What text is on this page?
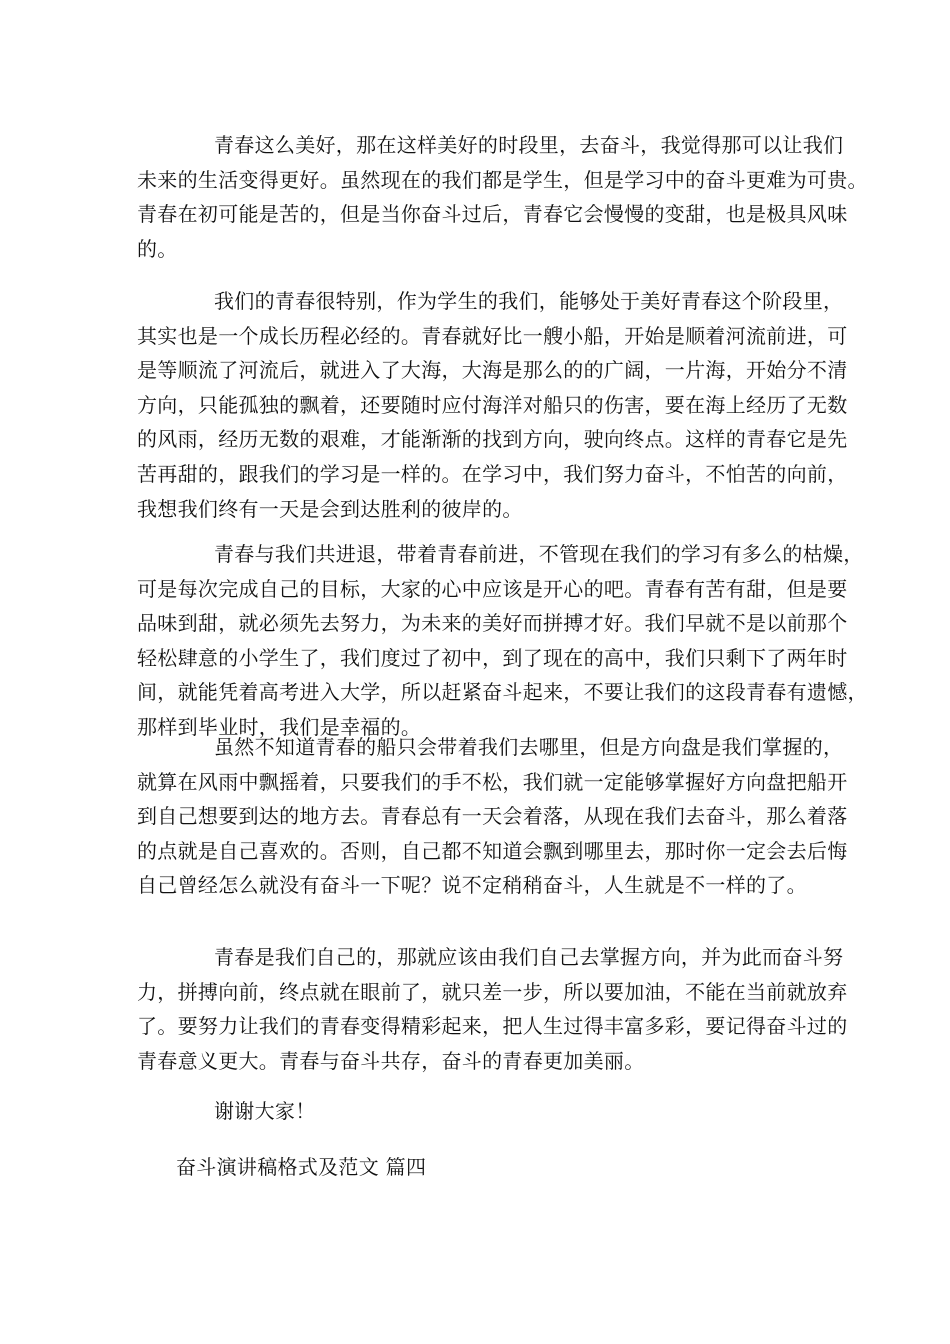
青春这么美好，那在这样美好的时段里，去奋斗，我觉得那可以让我们
未来的生活变得更好。虽然现在的我们都是学生，但是学习中的奋斗更难为可贵。
青春在初可能是苦的，但是当你奋斗过后，青春它会慢慢的变甜，也是极具风味
的。
我们的青春很特别，作为学生的我们，能够处于美好青春这个阶段里，
其实也是一个成长历程必经的。青春就好比一艘小船，开始是顺着河流前进，可
是等顺流了河流后，就进入了大海，大海是那么的的广阔，一片海，开始分不清
方向，只能孤独的飘着，还要随时应付海洋对船只的伤害，要在海上经历了无数
的风雨，经历无数的艰难，才能渐渐的找到方向，驶向终点。这样的青春它是先
苦再甜的，跟我们的学习是一样的。在学习中，我们努力奋斗，不怕苦的向前，
我想我们终有一天是会到达胜利的彼岸的。
青春与我们共进退，带着青春前进，不管现在我们的学习有多么的枯燥，
可是每次完成自己的目标，大家的心中应该是开心的吧。青春有苦有甜，但是要
品味到甜，就必须先去努力，为未来的美好而拼搏才好。我们早就不是以前那个
轻松肆意的小学生了，我们度过了初中，到了现在的高中，我们只剩下了两年时
间，就能凭着高考进入大学，所以赶紧奋斗起来，不要让我们的这段青春有遗憾，
那样到毕业时，我们是幸福的。
虽然不知道青春的船只会带着我们去哪里，但是方向盘是我们掌握的，
就算在风雨中飘摇着，只要我们的手不松，我们就一定能够掌握好方向盘把船开
到自己想要到达的地方去。青春总有一天会着落，从现在我们去奋斗，那么着落
的点就是自己喜欢的。否则，自己都不知道会飘到哪里去，那时你一定会去后悔
自己曾经怎么就没有奋斗一下呢？说不定稍稍奋斗，人生就是不一样的了。
青春是我们自己的，那就应该由我们自己去掌握方向，并为此而奋斗努
力，拼搏向前，终点就在眼前了，就只差一步，所以要加油，不能在当前就放弃
了。要努力让我们的青春变得精彩起来，把人生过得丰富多彩，要记得奋斗过的
青春意义更大。青春与奋斗共存，奋斗的青春更加美丽。
谢谢大家！
奋斗演讲稿格式及范文 篇四
